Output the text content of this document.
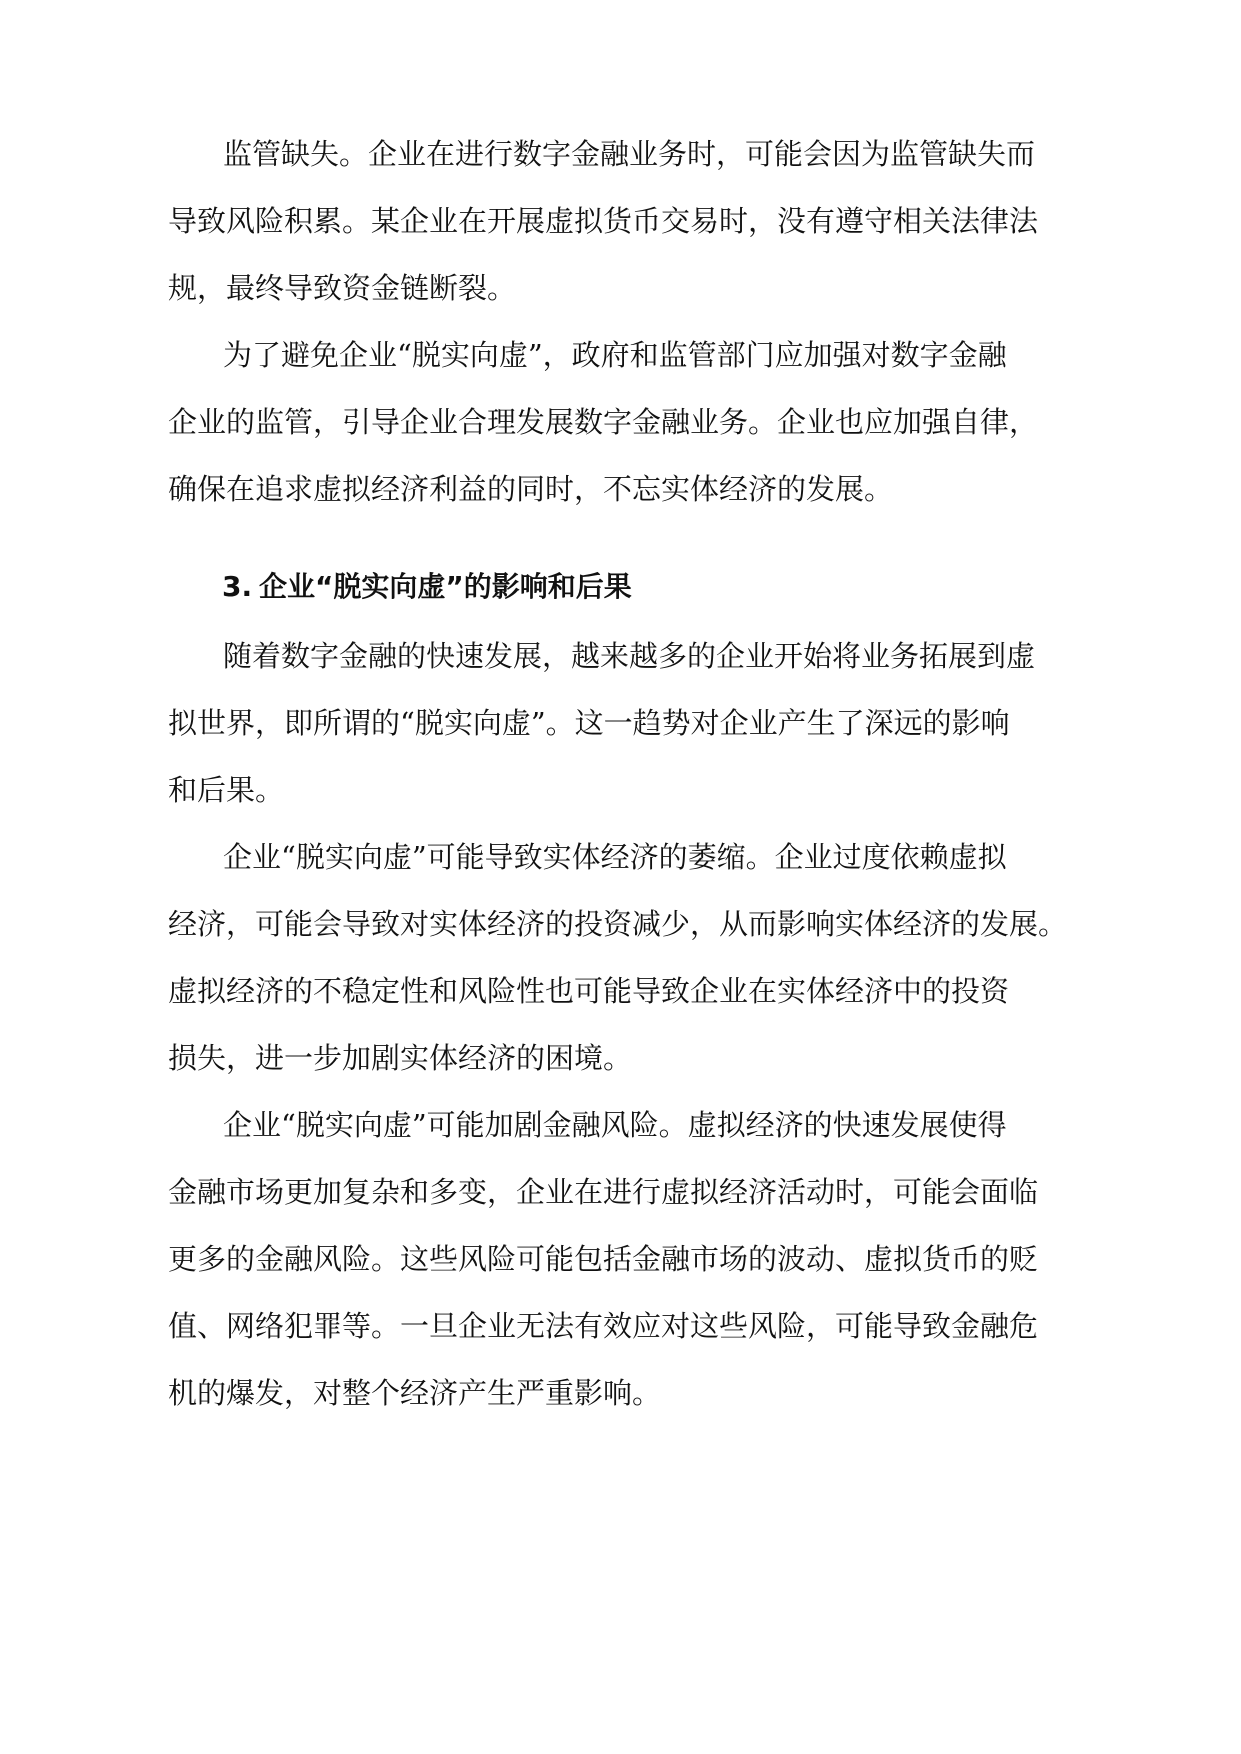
监管缺失。企业在进行数字金融业务时，可能会因为监管缺失而
导致风险积累。某企业在开展虚拟货币交易时，没有遵守相关法律法
规，最终导致资金链断裂。
为了避免企业“脱实向虚”，政府和监管部门应加强对数字金融
企业的监管，引导企业合理发展数字金融业务。企业也应加强自律，
确保在追求虚拟经济利益的同时，不忘实体经济的发展。
3. 企业“脱实向虚”的影响和后果
随着数字金融的快速发展，越来越多的企业开始将业务拓展到虚
拟世界，即所谓的“脱实向虚”。这一趋势对企业产生了深远的影响
和后果。
企业“脱实向虚”可能导致实体经济的萎缩。企业过度依赖虚拟
经济，可能会导致对实体经济的投资减少，从而影响实体经济的发展。
虚拟经济的不稳定性和风险性也可能导致企业在实体经济中的投资
损失，进一步加剧实体经济的困境。
企业“脱实向虚”可能加剧金融风险。虚拟经济的快速发展使得
金融市场更加复杂和多变，企业在进行虚拟经济活动时，可能会面临
更多的金融风险。这些风险可能包括金融市场的波动、虚拟货币的贬
值、网络犯罪等。一旦企业无法有效应对这些风险，可能导致金融危
机的爆发，对整个经济产生严重影响。
